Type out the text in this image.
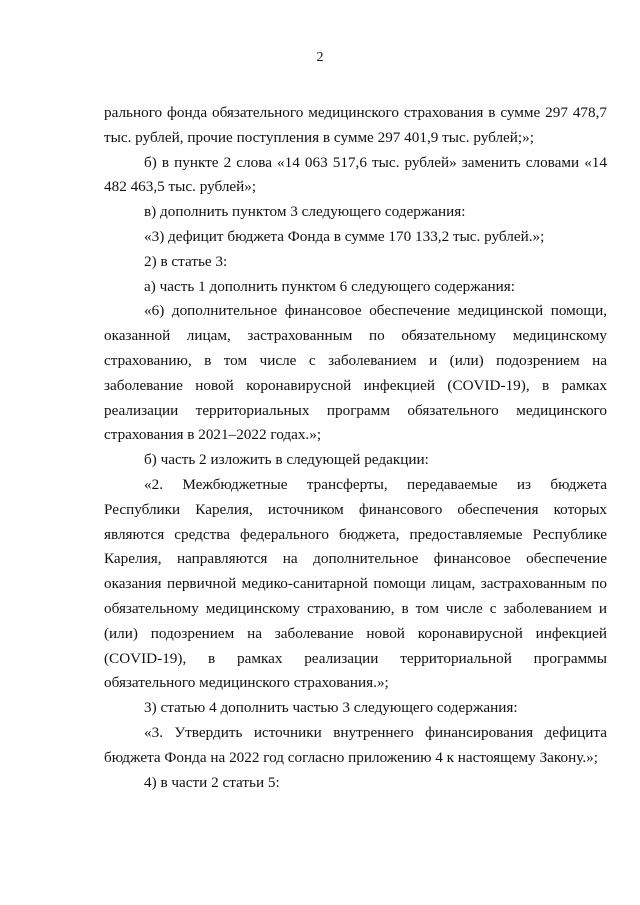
2

рального фонда обязательного медицинского страхования в сумме 297 478,7 тыс. рублей, прочие поступления в сумме 297 401,9 тыс. рублей;»;

б) в пункте 2 слова «14 063 517,6 тыс. рублей» заменить словами «14 482 463,5 тыс. рублей»;

в) дополнить пунктом 3 следующего содержания:

«3) дефицит бюджета Фонда в сумме 170 133,2 тыс. рублей.»;

2) в статье 3:

а) часть 1 дополнить пунктом 6 следующего содержания:

«6) дополнительное финансовое обеспечение медицинской помощи, оказанной лицам, застрахованным по обязательному медицинскому страхованию, в том числе с заболеванием и (или) подозрением на заболевание новой коронавирусной инфекцией (COVID-19), в рамках реализации территориальных программ обязательного медицинского страхования в 2021–2022 годах.»;

б) часть 2 изложить в следующей редакции:

«2. Межбюджетные трансферты, передаваемые из бюджета Республики Карелия, источником финансового обеспечения которых являются средства федерального бюджета, предоставляемые Республике Карелия, направляются на дополнительное финансовое обеспечение оказания первичной медико-санитарной помощи лицам, застрахованным по обязательному медицинскому страхованию, в том числе с заболеванием и (или) подозрением на заболевание новой коронавирусной инфекцией (COVID-19), в рамках реализации территориальной программы обязательного медицинского страхования.»;

3) статью 4 дополнить частью 3 следующего содержания:

«3. Утвердить источники внутреннего финансирования дефицита бюджета Фонда на 2022 год согласно приложению 4 к настоящему Закону.»;

4) в части 2 статьи 5:
